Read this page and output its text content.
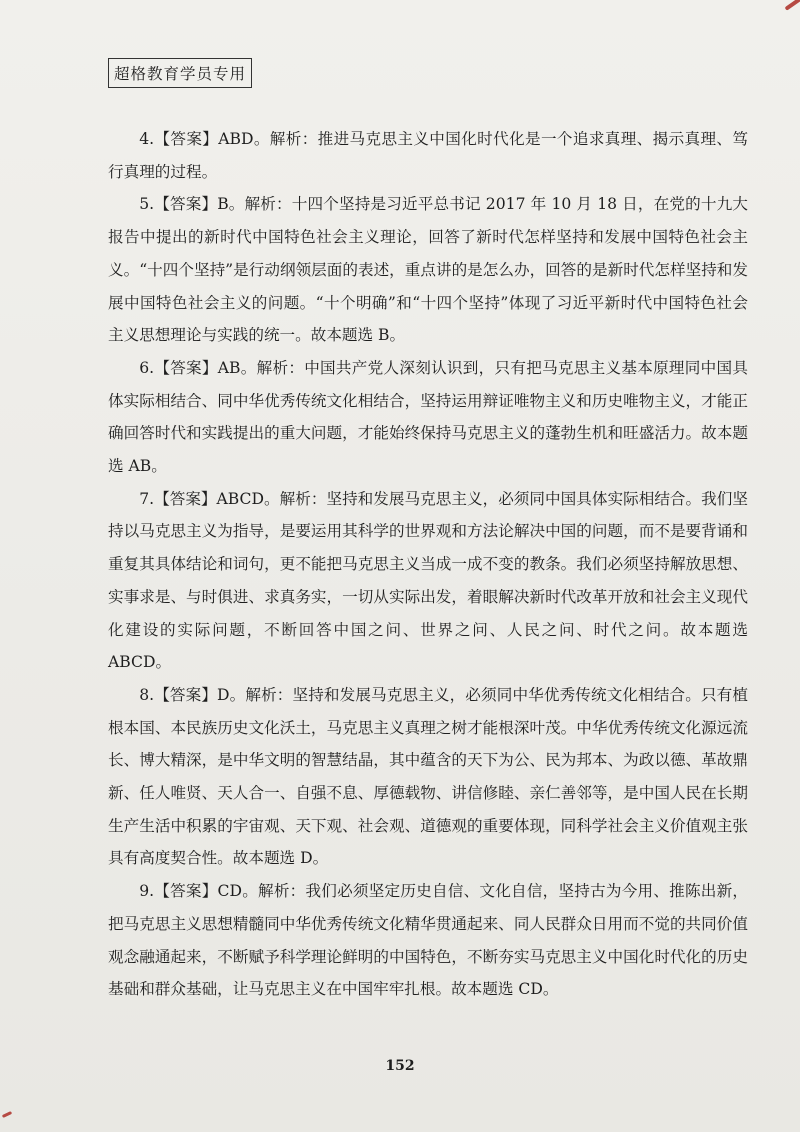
超格教育学员专用

4.【答案】ABD。解析：推进马克思主义中国化时代化是一个追求真理、揭示真理、笃行真理的过程。

5.【答案】B。解析：十四个坚持是习近平总书记 2017 年 10 月 18 日，在党的十九大报告中提出的新时代中国特色社会主义理论，回答了新时代怎样坚持和发展中国特色社会主义。“十四个坚持”是行动纲领层面的表述，重点讲的是怎么办，回答的是新时代怎样坚持和发展中国特色社会主义的问题。“十个明确”和“十四个坚持”体现了习近平新时代中国特色社会主义思想理论与实践的统一。故本题选 B。

6.【答案】AB。解析：中国共产党人深刻认识到，只有把马克思主义基本原理同中国具体实际相结合、同中华优秀传统文化相结合，坚持运用辩证唯物主义和历史唯物主义，才能正确回答时代和实践提出的重大问题，才能始终保持马克思主义的蓬勃生机和旺盛活力。故本题选 AB。

7.【答案】ABCD。解析：坚持和发展马克思主义，必须同中国具体实际相结合。我们坚持以马克思主义为指导，是要运用其科学的世界观和方法论解决中国的问题，而不是要背诵和重复其具体结论和词句，更不能把马克思主义当成一成不变的教条。我们必须坚持解放思想、实事求是、与时俱进、求真务实，一切从实际出发，着眼解决新时代改革开放和社会主义现代化建设的实际问题，不断回答中国之问、世界之问、人民之问、时代之问。故本题选 ABCD。

8.【答案】D。解析：坚持和发展马克思主义，必须同中华优秀传统文化相结合。只有植根本国、本民族历史文化沃土，马克思主义真理之树才能根深叶茂。中华优秀传统文化源远流长、博大精深，是中华文明的智慧结晶，其中蕴含的天下为公、民为邦本、为政以德、革故鼎新、任人唯贤、天人合一、自强不息、厚德载物、讲信修睦、亲仁善邻等，是中国人民在长期生产生活中积累的宇宙观、天下观、社会观、道德观的重要体现，同科学社会主义价值观主张具有高度契合性。故本题选 D。

9.【答案】CD。解析：我们必须坚定历史自信、文化自信，坚持古为今用、推陈出新，把马克思主义思想精髓同中华优秀传统文化精华贯通起来、同人民群众日用而不觉的共同价值观念融通起来，不断赋予科学理论鲜明的中国特色，不断夯实马克思主义中国化时代化的历史基础和群众基础，让马克思主义在中国牢牢扎根。故本题选 CD。

152
